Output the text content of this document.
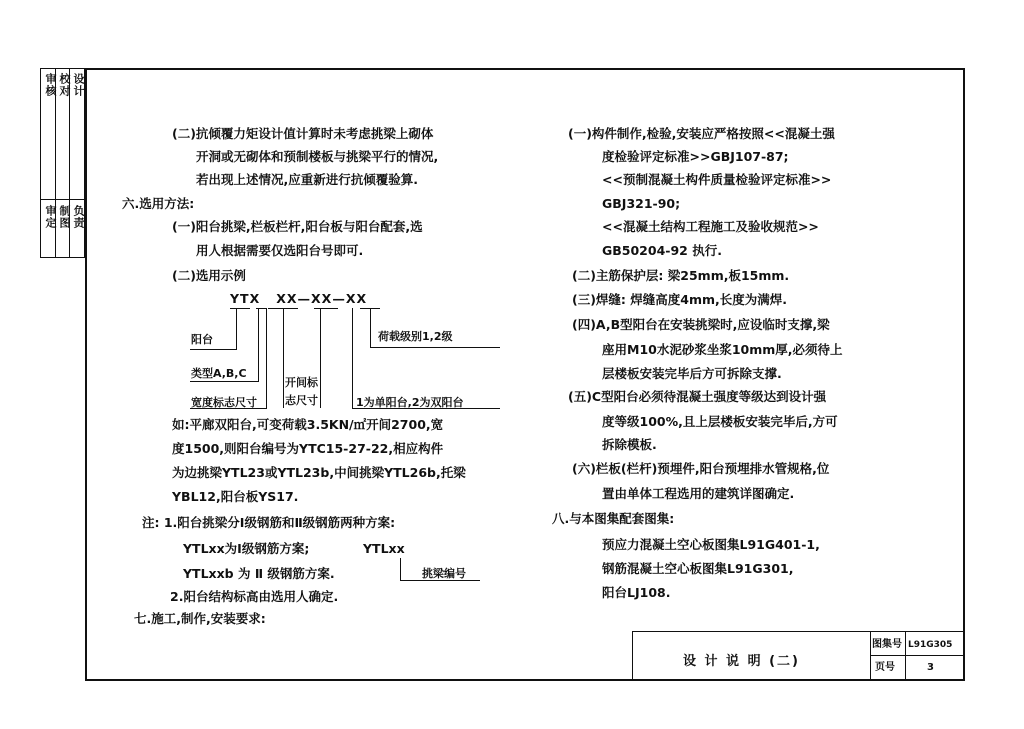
审核 校对 设计
审定 制图 负责
(二)抗倾覆力矩设计值计算时未考虑挑梁上砌体
开洞或无砌体和预制楼板与挑梁平行的情况,
若出现上述情况,应重新进行抗倾覆验算.
六.选用方法:
(一)阳台挑梁,栏板栏杆,阳台板与阳台配套,选
用人根据需要仅选阳台号即可.
(二)选用示例
YTX   XX—XX—XX
阳台
类型A,B,C
宽度标志尺寸
开间标
志尺寸
荷载级别1,2级
1为单阳台,2为双阳台
如:平廊双阳台,可变荷载3.5KN/㎡开间2700,宽
度1500,则阳台编号为YTC15-27-22,相应构件
为边挑梁YTL23或YTL23b,中间挑梁YTL26b,托梁
YBL12,阳台板YS17.
注: 1.阳台挑梁分Ⅰ级钢筋和Ⅱ级钢筋两种方案:
YTLxx为Ⅰ级钢筋方案;	YTLxx
YTLxxb 为 Ⅱ 级钢筋方案.	挑梁编号
2.阳台结构标高由选用人确定.
七.施工,制作,安装要求:
(一)构件制作,检验,安装应严格按照<<混凝土强
度检验评定标准>>GBJ107-87;
<<预制混凝土构件质量检验评定标准>>
GBJ321-90;
<<混凝土结构工程施工及验收规范>>
GB50204-92 执行.
(二)主筋保护层: 梁25mm,板15mm.
(三)焊缝: 焊缝高度4mm,长度为满焊.
(四)A,B型阳台在安装挑梁时,应设临时支撑,梁
座用M10水泥砂浆坐浆10mm厚,必须待上
层楼板安装完毕后方可拆除支撑.
(五)C型阳台必须待混凝土强度等级达到设计强
度等级100%,且上层楼板安装完毕后,方可
拆除模板.
(六)栏板(栏杆)预埋件,阳台预埋排水管规格,位
置由单体工程选用的建筑详图确定.
八.与本图集配套图集:
预应力混凝土空心板图集L91G401-1,
钢筋混凝土空心板图集L91G301,
阳台LJ108.
设 计 说 明 (二)
图集号 L91G305
页号	3
